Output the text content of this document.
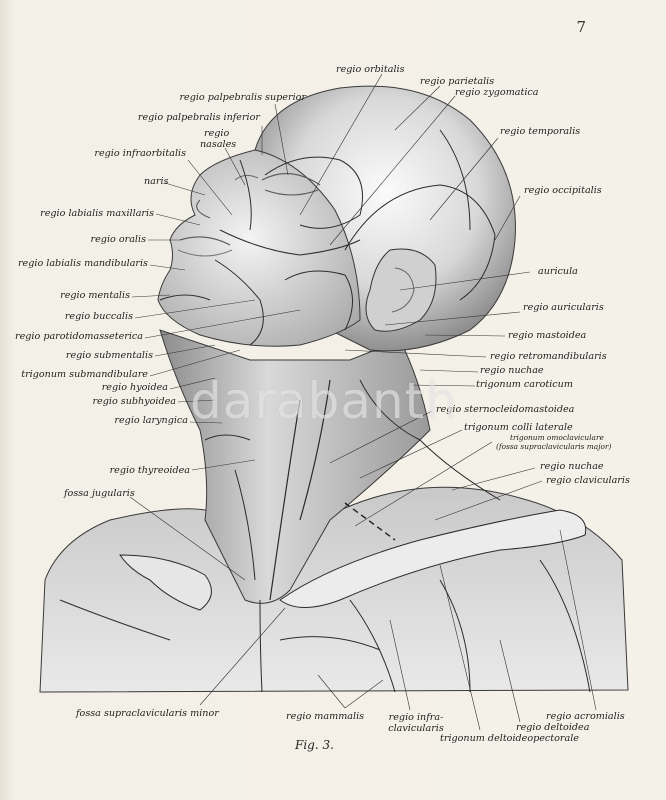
7
regio orbitalis
regio parietalis
regio zygomatica
regio palpebralis superior
regio palpebralis inferior
regio
nasales
regio temporalis
regio infraorbitalis
naris
regio occipitalis
regio labialis maxillaris
regio oralis
regio labialis mandibularis
auricula
regio mentalis
regio auricularis
regio buccalis
regio parotidomasseterica	regio mastoidea
regio submentalis	regio retromandibularis
trigonum submandibulare	regio nuchae
regio hyoidea	trigonum caroticum
regio subhyoidea
regio sternocleidomastoidea
regio laryngica
trigonum colli laterale
trigonum omoclaviculare
(fossa supraclavicularis major)
regio thyreoidea	regio nuchae
regio clavicularis
fossa jugularis
fossa supraclavicularis minor	regio mammalis	regio infra-
clavicularis
regio acromialis
regio deltoidea
trigonum deltoideopectorale
darabanth
Fig. 3.
